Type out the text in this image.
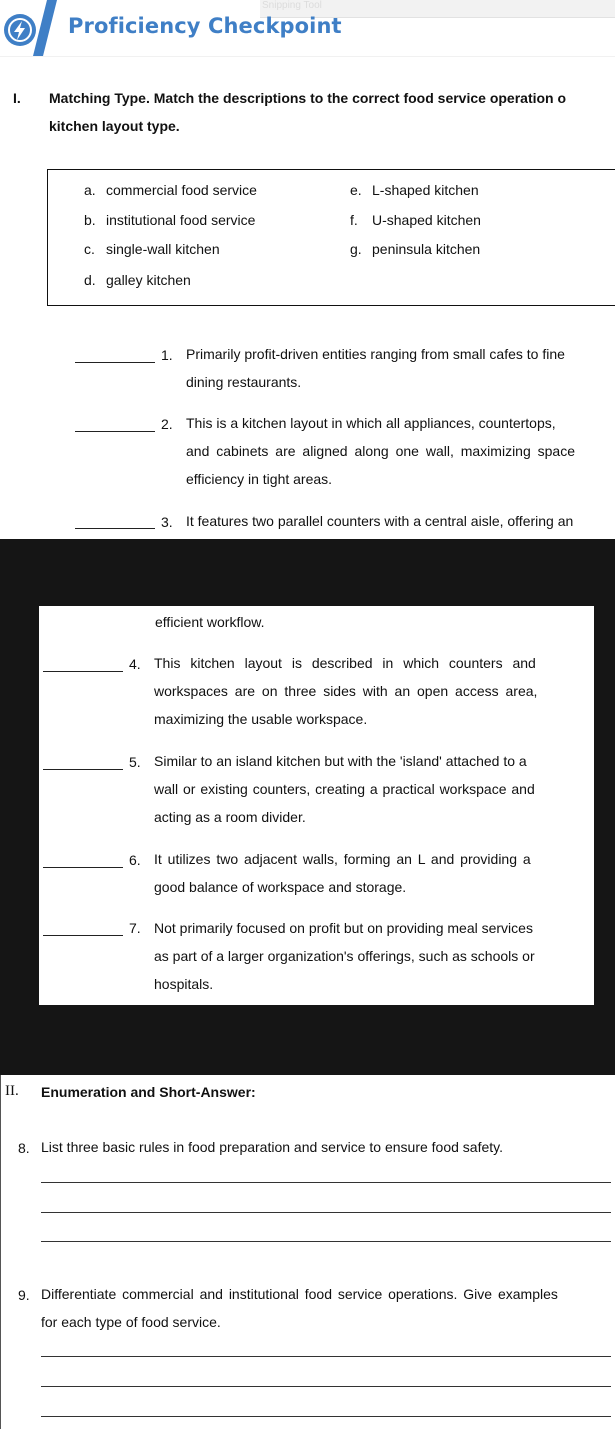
Snipping Tool
Proficiency Checkpoint
I. Matching Type. Match the descriptions to the correct food service operation o
kitchen layout type.
a. commercial food service
b. institutional food service
c. single-wall kitchen
d. galley kitchen
e. L-shaped kitchen
f. U-shaped kitchen
g. peninsula kitchen
1. Primarily profit-driven entities ranging from small cafes to fine
dining restaurants.
2. This is a kitchen layout in which all appliances, countertops,
and cabinets are aligned along one wall, maximizing space
efficiency in tight areas.
3. It features two parallel counters with a central aisle, offering an
efficient workflow.
4. This kitchen layout is described in which counters and
workspaces are on three sides with an open access area,
maximizing the usable workspace.
5. Similar to an island kitchen but with the 'island' attached to a
wall or existing counters, creating a practical workspace and
acting as a room divider.
6. It utilizes two adjacent walls, forming an L and providing a
good balance of workspace and storage.
7. Not primarily focused on profit but on providing meal services
as part of a larger organization's offerings, such as schools or
hospitals.
II. Enumeration and Short-Answer:
8. List three basic rules in food preparation and service to ensure food safety.
9. Differentiate commercial and institutional food service operations. Give examples
for each type of food service.
